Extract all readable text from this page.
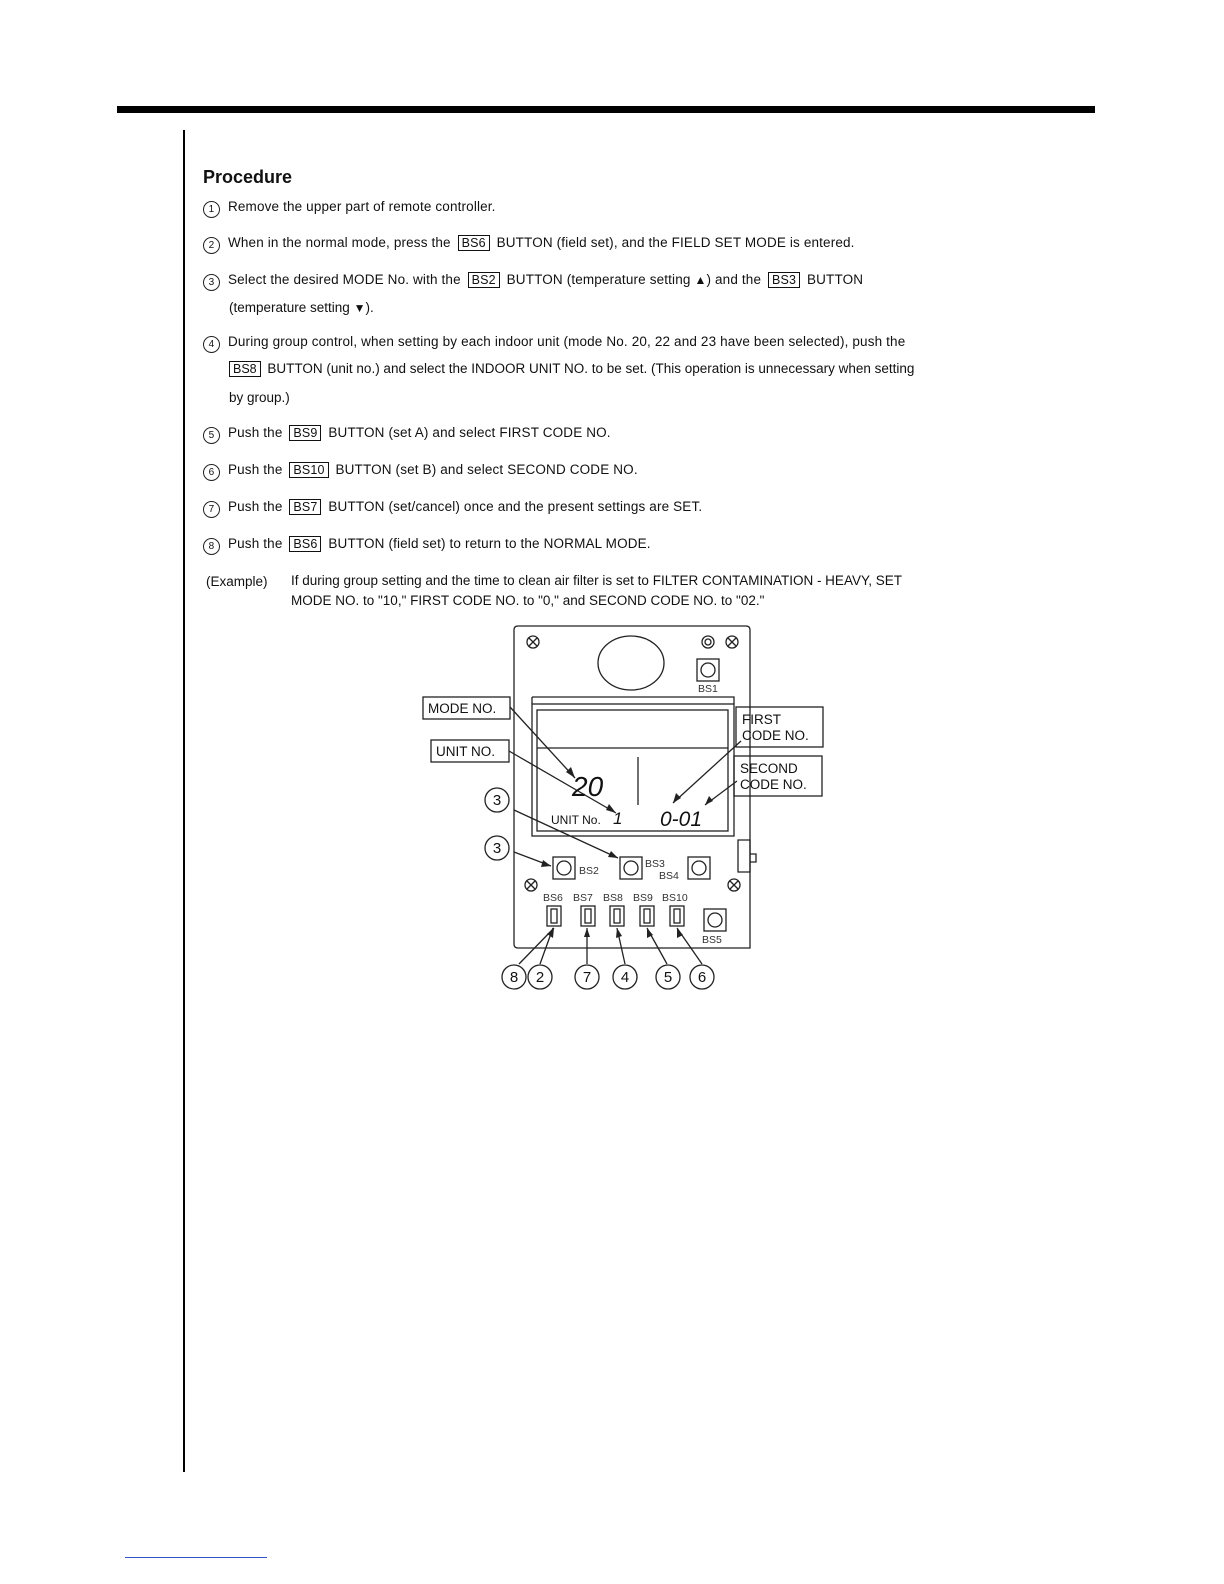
Procedure
1 Remove the upper part of remote controller.
2 When in the normal mode, press the BS6 BUTTON (field set), and the FIELD SET MODE is entered.
3 Select the desired MODE No. with the BS2 BUTTON (temperature setting ▲) and the BS3 BUTTON
(temperature setting ▼).
4 During group control, when setting by each indoor unit (mode No. 20, 22 and 23 have been selected), push the
BS8 BUTTON (unit no.) and select the INDOOR UNIT NO. to be set. (This operation is unnecessary when setting
by group.)
5 Push the BS9 BUTTON (set A) and select FIRST CODE NO.
6 Push the BS10 BUTTON (set B) and select SECOND CODE NO.
7 Push the BS7 BUTTON (set/cancel) once and the present settings are SET.
8 Push the BS6 BUTTON (field set) to return to the NORMAL MODE.
(Example) If during group setting and the time to clean air filter is set to FILTER CONTAMINATION - HEAVY, SET
MODE NO. to "10," FIRST CODE NO. to "0," and SECOND CODE NO. to "02."
MODE NO.
UNIT NO.
FIRST
CODE NO.
SECOND
CODE NO.
20
UNIT No. 1 0-01
BS1
BS2
BS3
BS4
BS6 BS7 BS8 BS9 BS10
BS5
3
3
8 2	7 4 5 6
